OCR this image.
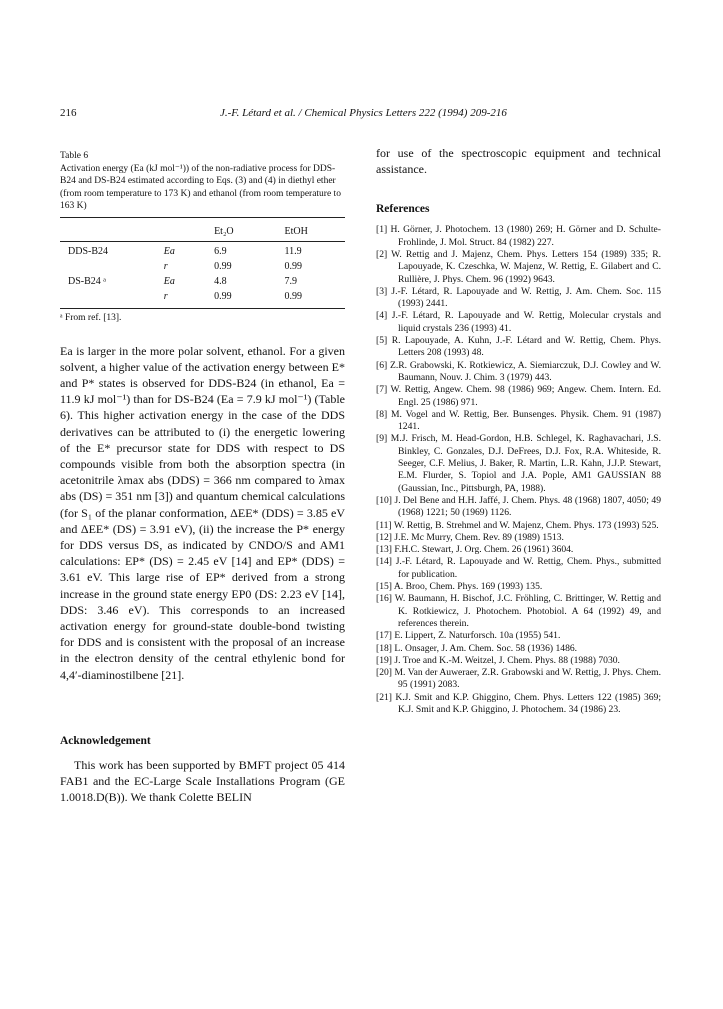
216	J.-F. Létard et al. / Chemical Physics Letters 222 (1994) 209-216
Table 6
Activation energy (Ea (kJ mol⁻¹)) of the non-radiative process for DDS-B24 and DS-B24 estimated according to Eqs. (3) and (4) in diethyl ether (from room temperature to 173 K) and ethanol (from room temperature to 163 K)
		Et₂O	EtOH

DDS-B24	Ea	6.9	11.9
	r	0.99	0.99
DS-B24 ᵃ	Ea	4.8	7.9
	r	0.99	0.99
ᵃ From ref. [13].

Ea is larger in the more polar solvent, ethanol. For a given solvent, a higher value of the activation energy between E* and P* states is observed for DDS-B24 (in ethanol, Ea = 11.9 kJ mol⁻¹) than for DS-B24 (Ea = 7.9 kJ mol⁻¹) (Table 6). This higher activation energy in the case of the DDS derivatives can be attributed to (i) the energetic lowering of the E* precursor state for DDS with respect to DS compounds visible from both the absorption spectra (in acetonitrile λmax abs (DDS) = 366 nm compared to λmax abs (DS) = 351 nm [3]) and quantum chemical calculations (for S₁ of the planar conformation, ΔEE* (DDS) = 3.85 eV and ΔEE* (DS) = 3.91 eV), (ii) the increase the P* energy for DDS versus DS, as indicated by CNDO/S and AM1 calculations: EP* (DS) = 2.45 eV [14] and EP* (DDS) = 3.61 eV. This large rise of EP* derived from a strong increase in the ground state energy EP0 (DS: 2.23 eV [14], DDS: 3.46 eV). This corresponds to an increased activation energy for ground-state double-bond twisting for DDS and is consistent with the proposal of an increase in the electron density of the central ethylenic bond for 4,4′-diaminostilbene [21].

Acknowledgement

This work has been supported by BMFT project 05 414 FAB1 and the EC-Large Scale Installations Program (GE 1.0018.D(B)). We thank Colette BELIN

for use of the spectroscopic equipment and technical assistance.

References

[1] H. Görner, J. Photochem. 13 (1980) 269; H. Görner and D. Schulte-Frohlinde, J. Mol. Struct. 84 (1982) 227.

[2] W. Rettig and J. Majenz, Chem. Phys. Letters 154 (1989) 335; R. Lapouyade, K. Czeschka, W. Majenz, W. Rettig, E. Gilabert and C. Rullière, J. Phys. Chem. 96 (1992) 9643.

[3] J.-F. Létard, R. Lapouyade and W. Rettig, J. Am. Chem. Soc. 115 (1993) 2441.

[4] J.-F. Létard, R. Lapouyade and W. Rettig, Molecular crystals and liquid crystals 236 (1993) 41.

[5] R. Lapouyade, A. Kuhn, J.-F. Létard and W. Rettig, Chem. Phys. Letters 208 (1993) 48.

[6] Z.R. Grabowski, K. Rotkiewicz, A. Siemiarczuk, D.J. Cowley and W. Baumann, Nouv. J. Chim. 3 (1979) 443.

[7] W. Rettig, Angew. Chem. 98 (1986) 969; Angew. Chem. Intern. Ed. Engl. 25 (1986) 971.

[8] M. Vogel and W. Rettig, Ber. Bunsenges. Physik. Chem. 91 (1987) 1241.

[9] M.J. Frisch, M. Head-Gordon, H.B. Schlegel, K. Raghavachari, J.S. Binkley, C. Gonzales, D.J. DeFrees, D.J. Fox, R.A. Whiteside, R. Seeger, C.F. Melius, J. Baker, R. Martin, L.R. Kahn, J.J.P. Stewart, E.M. Flurder, S. Topiol and J.A. Pople, AM1 GAUSSIAN 88 (Gaussian, Inc., Pittsburgh, PA, 1988).

[10] J. Del Bene and H.H. Jaffé, J. Chem. Phys. 48 (1968) 1807, 4050; 49 (1968) 1221; 50 (1969) 1126.

[11] W. Rettig, B. Strehmel and W. Majenz, Chem. Phys. 173 (1993) 525.

[12] J.E. Mc Murry, Chem. Rev. 89 (1989) 1513.

[13] F.H.C. Stewart, J. Org. Chem. 26 (1961) 3604.

[14] J.-F. Létard, R. Lapouyade and W. Rettig, Chem. Phys., submitted for publication.

[15] A. Broo, Chem. Phys. 169 (1993) 135.

[16] W. Baumann, H. Bischof, J.C. Fröhling, C. Brittinger, W. Rettig and K. Rotkiewicz, J. Photochem. Photobiol. A 64 (1992) 49, and references therein.

[17] E. Lippert, Z. Naturforsch. 10a (1955) 541.

[18] L. Onsager, J. Am. Chem. Soc. 58 (1936) 1486.

[19] J. Troe and K.-M. Weitzel, J. Chem. Phys. 88 (1988) 7030.

[20] M. Van der Auweraer, Z.R. Grabowski and W. Rettig, J. Phys. Chem. 95 (1991) 2083.

[21] K.J. Smit and K.P. Ghiggino, Chem. Phys. Letters 122 (1985) 369; K.J. Smit and K.P. Ghiggino, J. Photochem. 34 (1986) 23.
